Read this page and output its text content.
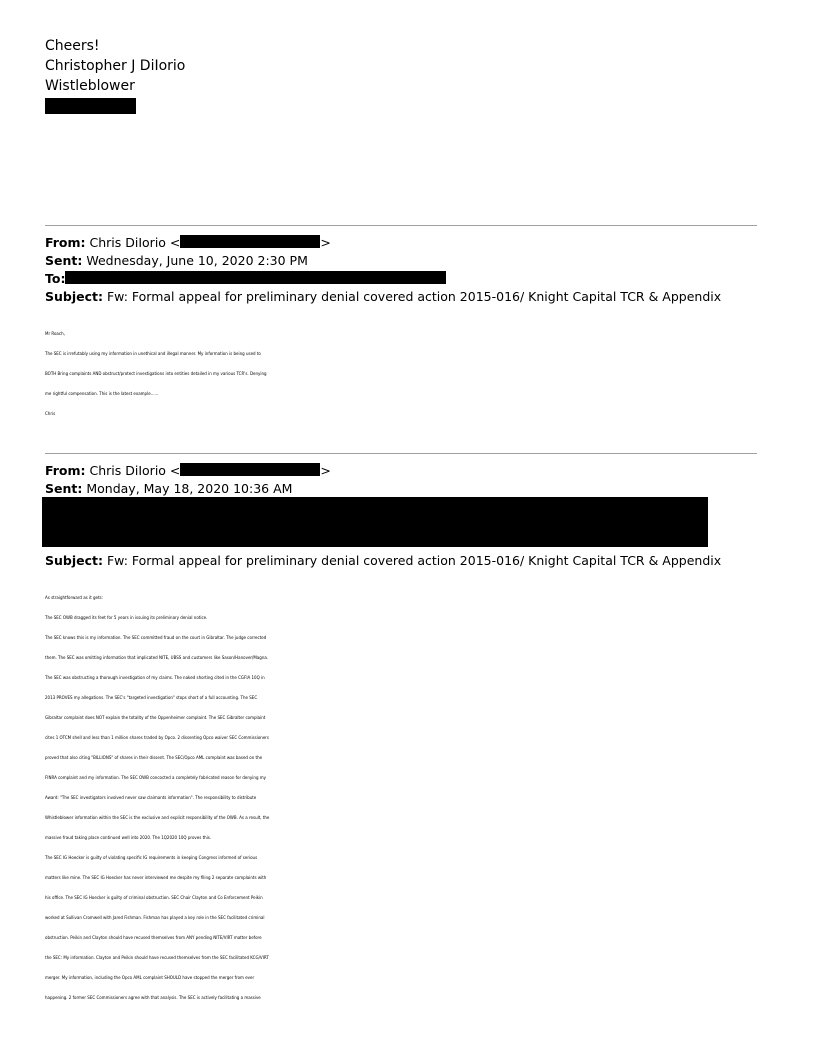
Cheers!
Christopher J DiIorio
Wistleblower
From: Chris DiIorio <	>
Sent: Wednesday, June 10, 2020 2:30 PM
To:
Subject: Fw: Formal appeal for preliminary denial covered action 2015-016/ Knight Capital TCR & Appendix
Mr Roach,
The SEC is irrefutably using my information in unethical and illegal manner. My information is being used to
BOTH Bring complaints AND obstruct/protect investigations into entities detailed in my various TCR's. Denying
me rightful compensation. This is the latest example......
Chris
From: Chris DiIorio <	>
Sent: Monday, May 18, 2020 10:36 AM
Subject: Fw: Formal appeal for preliminary denial covered action 2015-016/ Knight Capital TCR & Appendix
As straightforward as it gets:
The SEC OWB dragged its feet for 5 years in issuing its preliminary denial notice.
The SEC knows this is my information. The SEC committed fraud on the court in Gibraltar. The judge corrected
them. The SEC was omitting information that implicated NITE, UBSS and customers like Sason/Hanover/Magna.
The SEC was obstructing a thorough investigation of my claims. The naked shorting cited in the CGFIA 10Q in
2013 PROVES my allegations. The SEC's "targeted investigation" stops short of a full accounting. The SEC
Gibraltar complaint does NOT explain the totality of the Oppenheimer complaint. The SEC Gibralter complaint
cites 1 OTCM shell and less than 1 million shares traded by Opco. 2 dissenting Opco waiver SEC Commissioners
proved that also citing "BILLIONS" of shares in their dissent. The SEC/Opco AML complaint was based on the
FINRA complaint and my information. The SEC OWB concocted a completely fabricated reason for denying my
Award: "The SEC investigators involved never saw claimants information". The responsibility to distribute
Whistleblower information within the SEC is the exclusive and explicit responsibility of the OWB. As a result, the
massive fraud taking place continued well into 2020. The 1Q2020 10Q proves this.
The SEC IG Hoecker is guilty of violating specific IG requirements in keeping Congress informed of serious
matters like mine. The SEC IG Hoecker has never interviewed me despite my filing 2 separate complaints with
his office. The SEC IG Hoecker is guilty of criminal obstruction. SEC Chair Clayton and Co Enforcement Peikin
worked at Sullivan Cromwell with Jared Fishman. Fishman has played a key role in the SEC facilitated criminal
obstruction. Peikin and Clayton should have recused themselves from ANY pending NITE/VIRT matter before
the SEC: My information. Clayton and Peikin should have recused themselves from the SEC facilitated KCG/VIRT
merger. My information, including the Opco AML complaint SHOULD have stopped the merger from ever
happening. 2 former SEC Commissioners agree with that analysis. The SEC is actively facilitating a massive
